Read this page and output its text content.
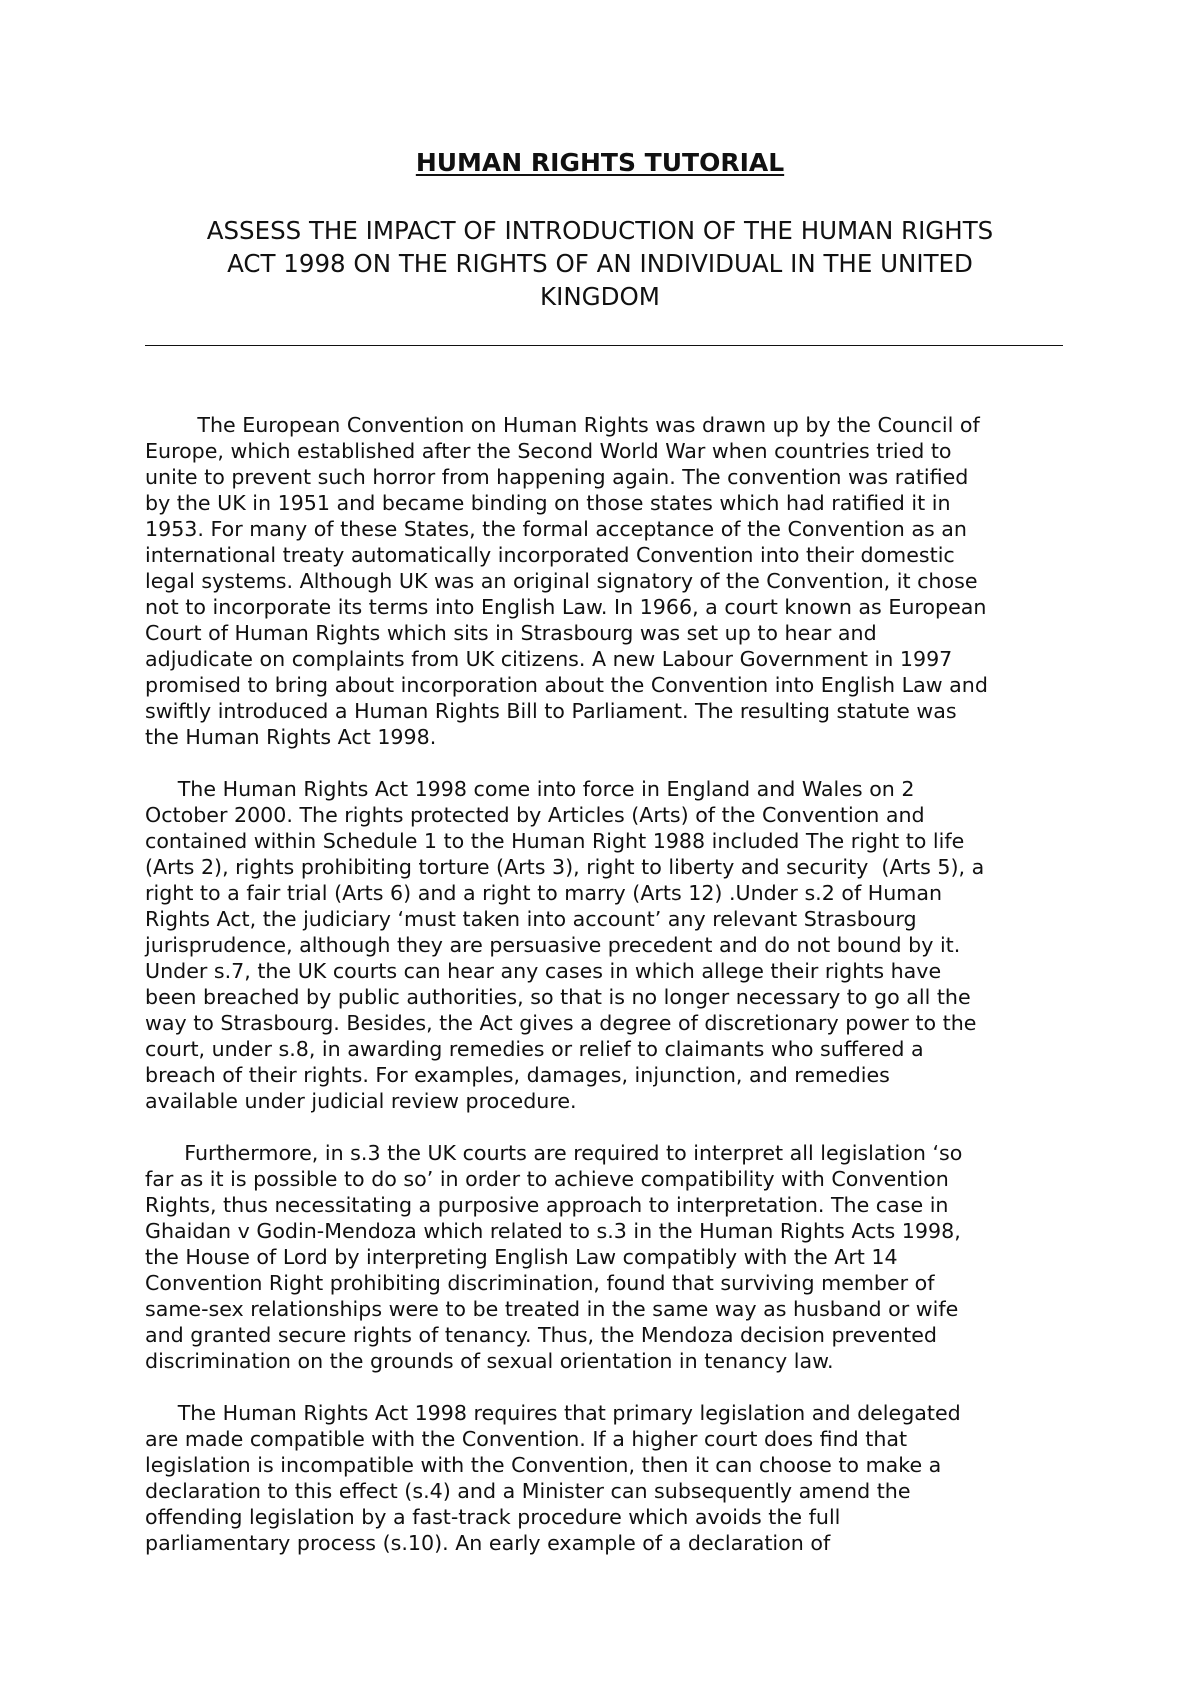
HUMAN RIGHTS TUTORIAL
ASSESS THE IMPACT OF INTRODUCTION OF THE HUMAN RIGHTS
ACT 1998 ON THE RIGHTS OF AN INDIVIDUAL IN THE UNITED
KINGDOM

The European Convention on Human Rights was drawn up by the Council of
Europe, which established after the Second World War when countries tried to
unite to prevent such horror from happening again. The convention was ratified
by the UK in 1951 and became binding on those states which had ratified it in
1953. For many of these States, the formal acceptance of the Convention as an
international treaty automatically incorporated Convention into their domestic
legal systems. Although UK was an original signatory of the Convention, it chose
not to incorporate its terms into English Law. In 1966, a court known as European
Court of Human Rights which sits in Strasbourg was set up to hear and
adjudicate on complaints from UK citizens. A new Labour Government in 1997
promised to bring about incorporation about the Convention into English Law and
swiftly introduced a Human Rights Bill to Parliament. The resulting statute was
the Human Rights Act 1998.

The Human Rights Act 1998 come into force in England and Wales on 2
October 2000. The rights protected by Articles (Arts) of the Convention and
contained within Schedule 1 to the Human Right 1988 included The right to life
(Arts 2), rights prohibiting torture (Arts 3), right to liberty and security  (Arts 5), a
right to a fair trial (Arts 6) and a right to marry (Arts 12) .Under s.2 of Human
Rights Act, the judiciary ‘must taken into account’ any relevant Strasbourg
jurisprudence, although they are persuasive precedent and do not bound by it.
Under s.7, the UK courts can hear any cases in which allege their rights have
been breached by public authorities, so that is no longer necessary to go all the
way to Strasbourg. Besides, the Act gives a degree of discretionary power to the
court, under s.8, in awarding remedies or relief to claimants who suffered a
breach of their rights. For examples, damages, injunction, and remedies
available under judicial review procedure.

Furthermore, in s.3 the UK courts are required to interpret all legislation ‘so
far as it is possible to do so’ in order to achieve compatibility with Convention
Rights, thus necessitating a purposive approach to interpretation. The case in
Ghaidan v Godin-Mendoza which related to s.3 in the Human Rights Acts 1998,
the House of Lord by interpreting English Law compatibly with the Art 14
Convention Right prohibiting discrimination, found that surviving member of
same-sex relationships were to be treated in the same way as husband or wife
and granted secure rights of tenancy. Thus, the Mendoza decision prevented
discrimination on the grounds of sexual orientation in tenancy law.

The Human Rights Act 1998 requires that primary legislation and delegated
are made compatible with the Convention. If a higher court does find that
legislation is incompatible with the Convention, then it can choose to make a
declaration to this effect (s.4) and a Minister can subsequently amend the
offending legislation by a fast-track procedure which avoids the full
parliamentary process (s.10). An early example of a declaration of
